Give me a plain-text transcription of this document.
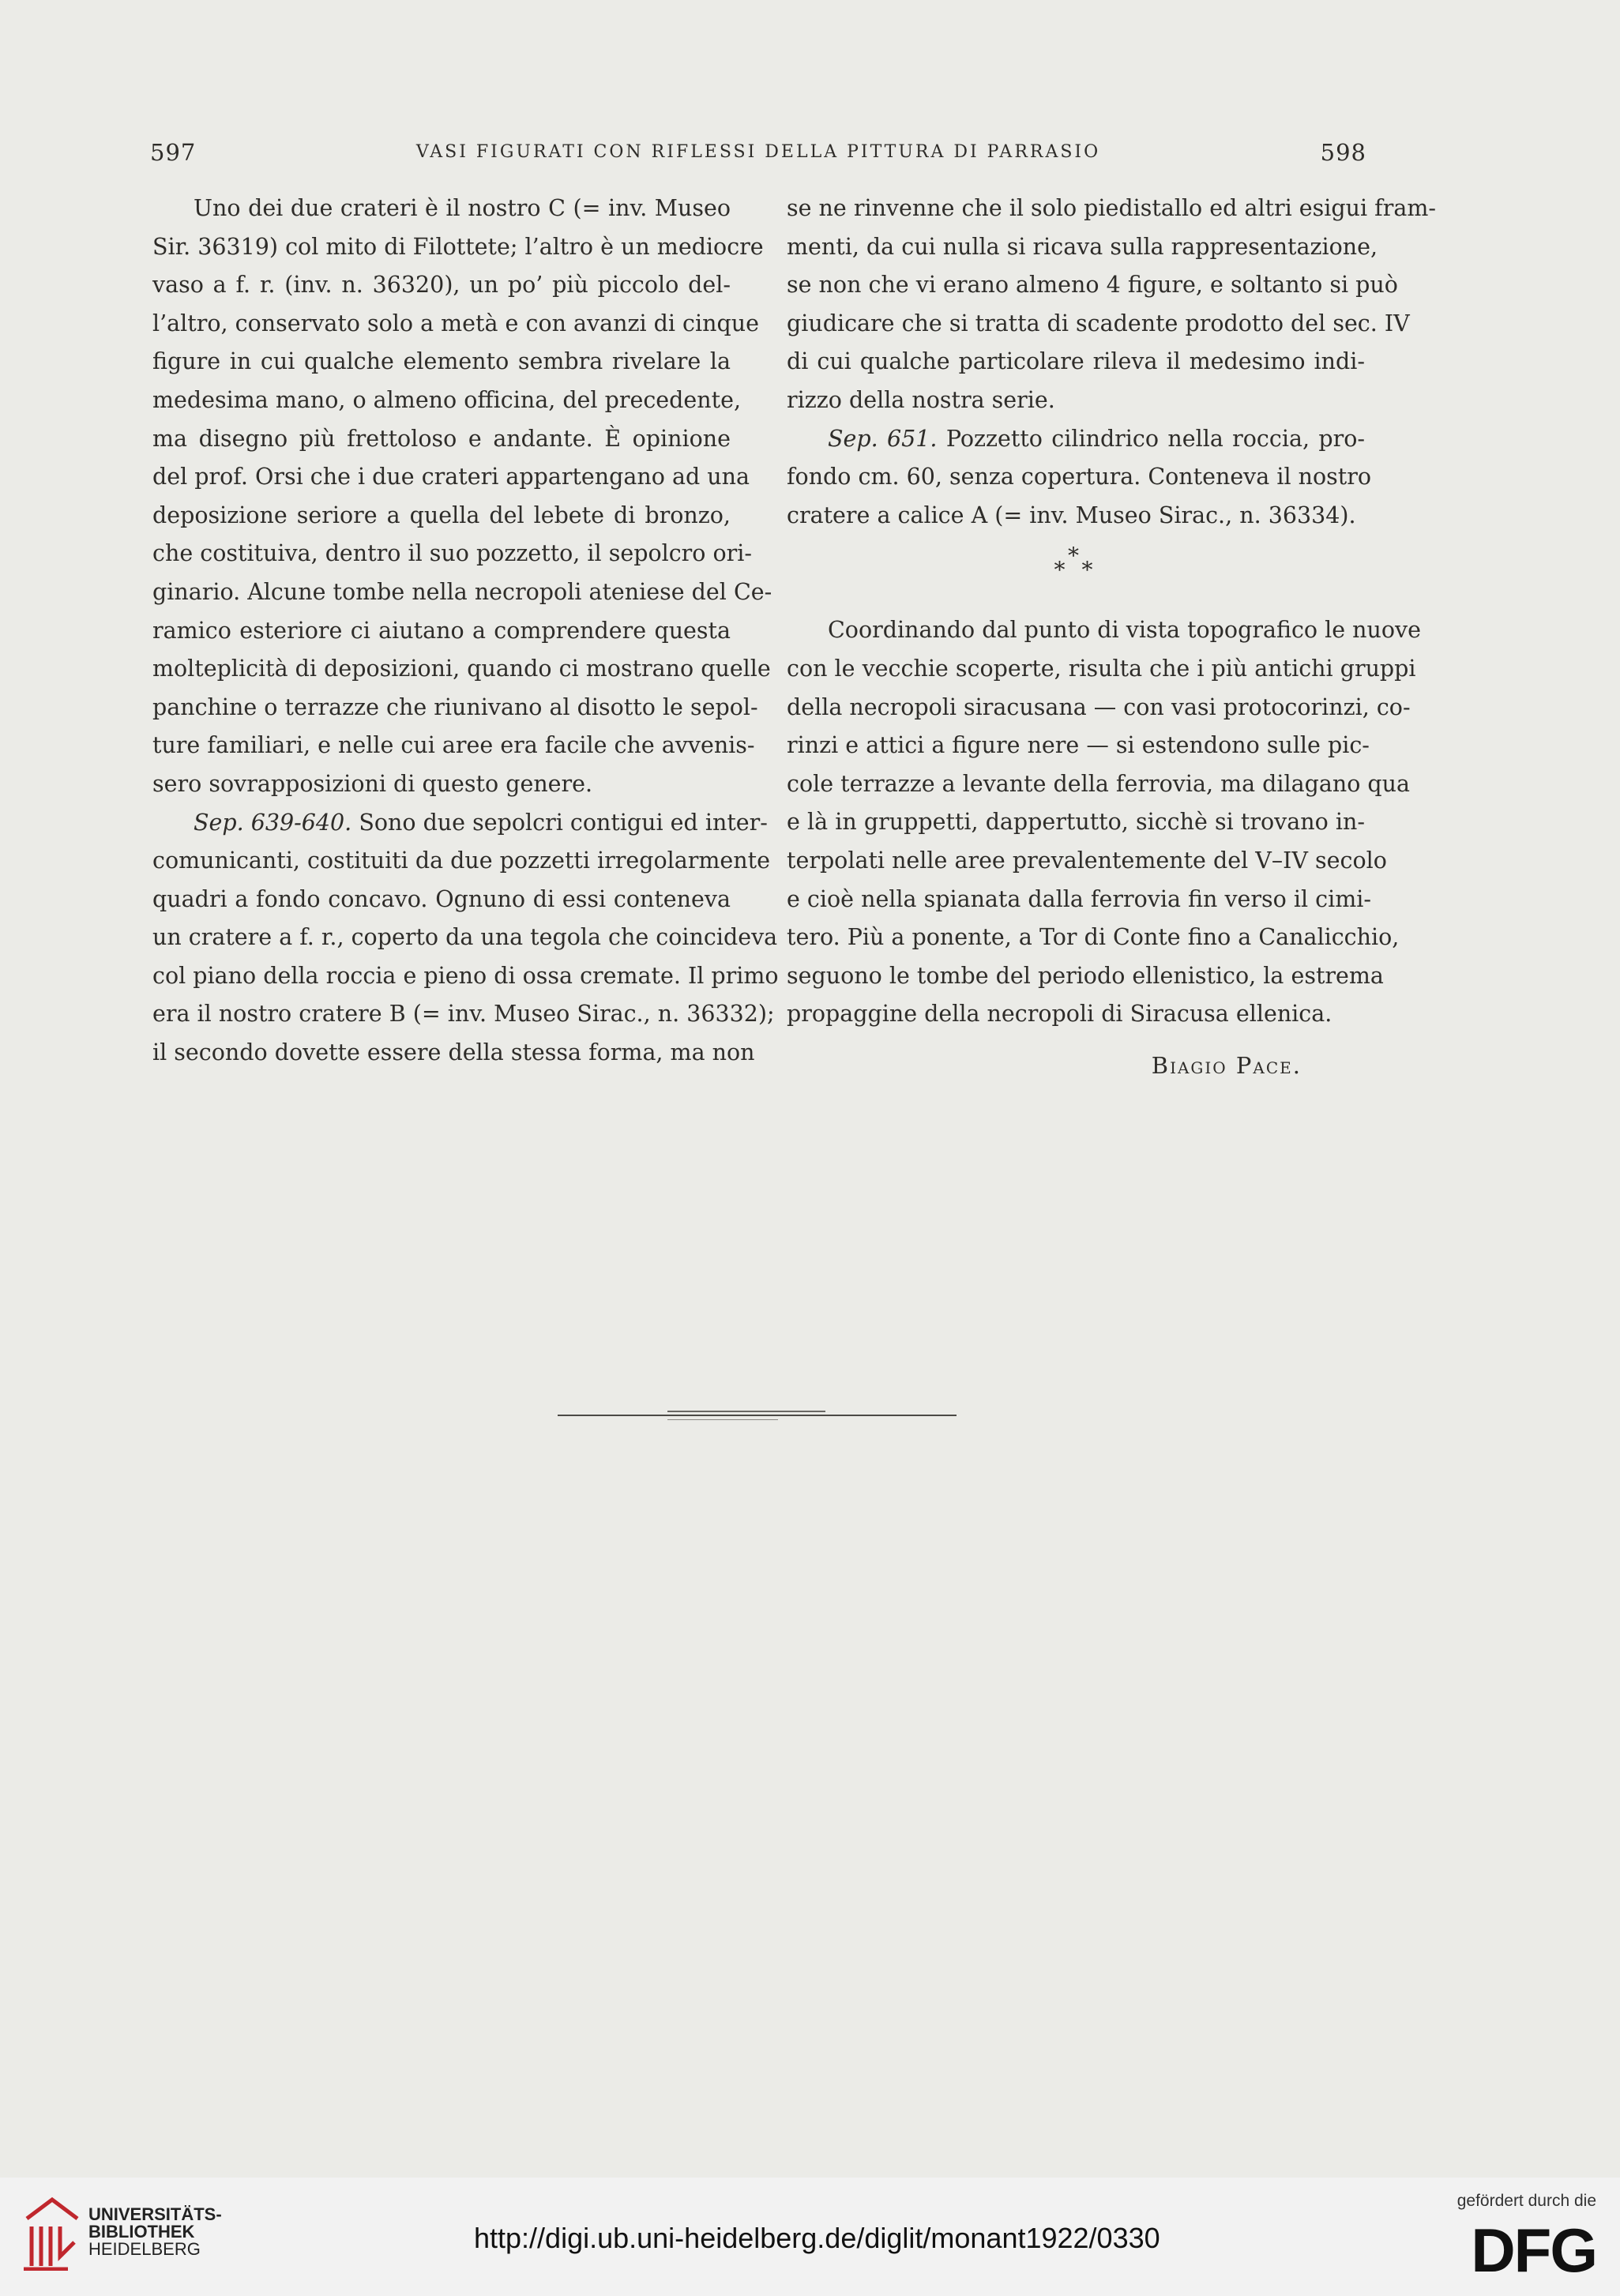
597	VASI FIGURATI CON RIFLESSI DELLA PITTURA DI PARRASIO	598

Uno dei due crateri è il nostro C (= inv. Museo

Sir. 36319) col mito di Filottete; l’altro è un mediocre

vaso a f. r. (inv. n. 36320), un po’ più piccolo del-

l’altro, conservato solo a metà e con avanzi di cinque

figure in cui qualche elemento sembra rivelare la

medesima mano, o almeno officina, del precedente,

ma disegno più frettoloso e andante. È opinione

del prof. Orsi che i due crateri appartengano ad una

deposizione seriore a quella del lebete di bronzo,

che costituiva, dentro il suo pozzetto, il sepolcro ori-

ginario. Alcune tombe nella necropoli ateniese del Ce-

ramico esteriore ci aiutano a comprendere questa

molteplicità di deposizioni, quando ci mostrano quelle

panchine o terrazze che riunivano al disotto le sepol-

ture familiari, e nelle cui aree era facile che avvenis-

sero sovrapposizioni di questo genere.

Sep. 639-640. Sono due sepolcri contigui ed inter-

comunicanti, costituiti da due pozzetti irregolarmente

quadri a fondo concavo. Ognuno di essi conteneva

un cratere a f. r., coperto da una tegola che coincideva

col piano della roccia e pieno di ossa cremate. Il primo

era il nostro cratere B (= inv. Museo Sirac., n. 36332);

il secondo dovette essere della stessa forma, ma non

se ne rinvenne che il solo piedistallo ed altri esigui fram-

menti, da cui nulla si ricava sulla rappresentazione,

se non che vi erano almeno 4 figure, e soltanto si può

giudicare che si tratta di scadente prodotto del sec. IV

di cui qualche particolare rileva il medesimo indi-

rizzo della nostra serie.

Sep. 651. Pozzetto cilindrico nella roccia, pro-

fondo cm. 60, senza copertura. Conteneva il nostro

cratere a calice A (= inv. Museo Sirac., n. 36334).

*
* *

Coordinando dal punto di vista topografico le nuove

con le vecchie scoperte, risulta che i più antichi gruppi

della necropoli siracusana — con vasi protocorinzi, co-

rinzi e attici a figure nere — si estendono sulle pic-

cole terrazze a levante della ferrovia, ma dilagano qua

e là in gruppetti, dappertutto, sicchè si trovano in-

terpolati nelle aree prevalentemente del V–IV secolo

e cioè nella spianata dalla ferrovia fin verso il cimi-

tero. Più a ponente, a Tor di Conte fino a Canalicchio,

seguono le tombe del periodo ellenistico, la estrema

propaggine della necropoli di Siracusa ellenica.

Biagio Pace.
UNIVERSITÄTS-
BIBLIOTHEK
HEIDELBERG	http://digi.ub.uni-heidelberg.de/diglit/monant1922/0330
gefördert durch die
DFG
